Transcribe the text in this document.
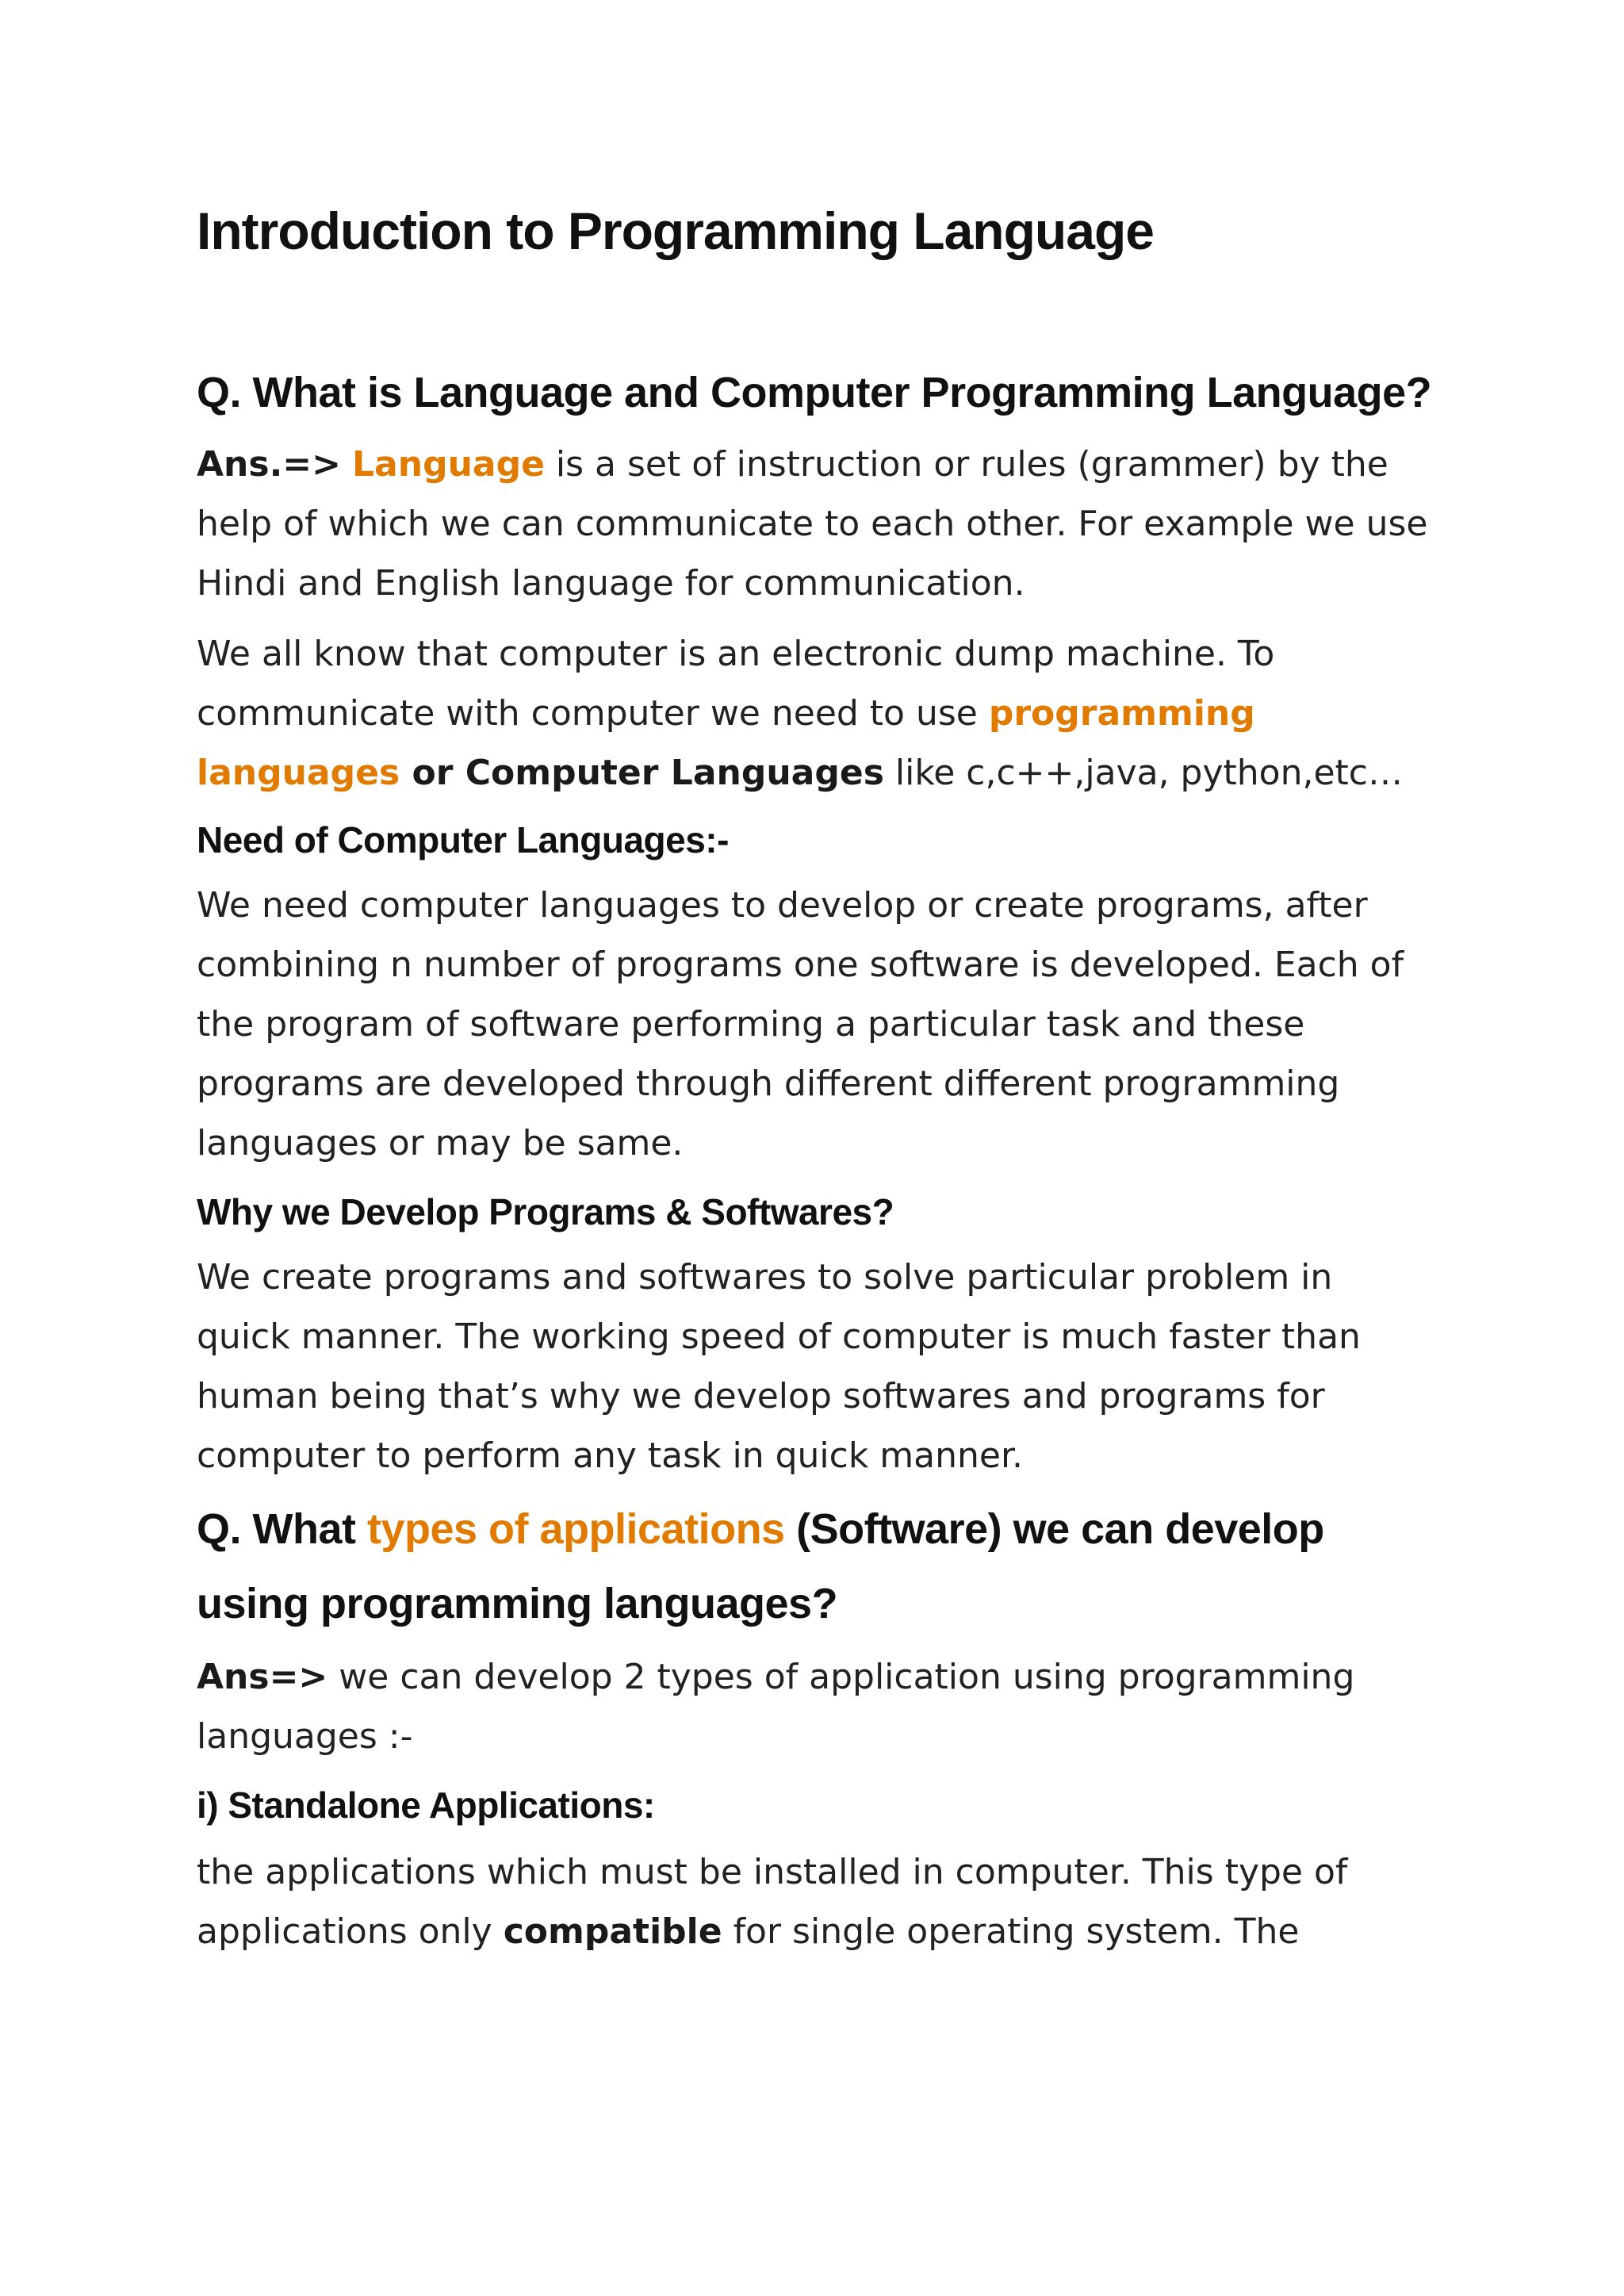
Introduction to Programming Language
Q. What is Language and Computer Programming Language?

Ans.=> Language is a set of instruction or rules (grammer) by the help of which we can communicate to each other. For example we use Hindi and English language for communication.

We all know that computer is an electronic dump machine. To communicate with computer we need to use programming languages or Computer Languages like c,c++,java, python,etc…

Need of Computer Languages:-

We need computer languages to develop or create programs, after combining n number of programs one software is developed. Each of the program of software performing a particular task and these programs are developed through different different programming languages or may be same.

Why we Develop Programs & Softwares?

We create programs and softwares to solve particular problem in quick manner. The working speed of computer is much faster than human being that’s why we develop softwares and programs for computer to perform any task in quick manner.

Q. What types of applications (Software) we can develop using programming languages?

Ans=> we can develop 2 types of application using programming languages :-

i) Standalone Applications:

the applications which must be installed in computer. This type of applications only compatible for single operating system. The
